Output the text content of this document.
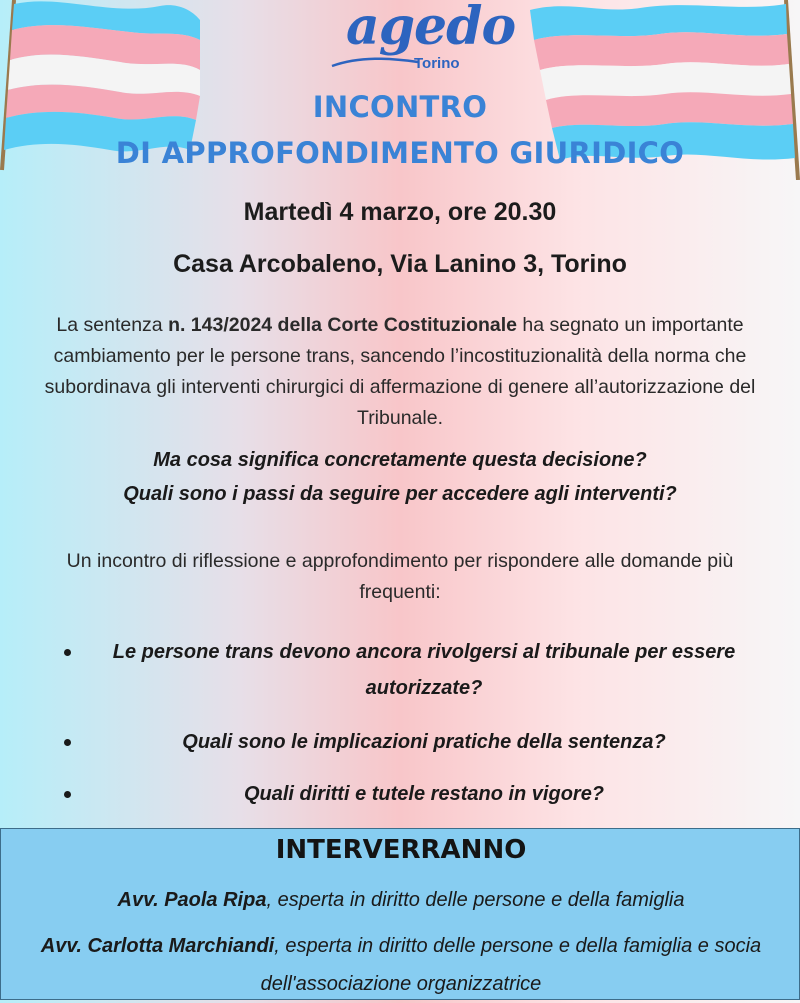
agedo
Torino
INCONTRO
DI APPROFONDIMENTO GIURIDICO
Martedì 4 marzo, ore 20.30
Casa Arcobaleno, Via Lanino 3, Torino
La sentenza n. 143/2024 della Corte Costituzionale ha segnato un importante cambiamento per le persone trans, sancendo l’incostituzionalità della norma che subordinava gli interventi chirurgici di affermazione di genere all’autorizzazione del Tribunale.
Ma cosa significa concretamente questa decisione?
Quali sono i passi da seguire per accedere agli interventi?
Un incontro di riflessione e approfondimento per rispondere alle domande più frequenti:
Le persone trans devono ancora rivolgersi al tribunale per essere autorizzate?
Quali sono le implicazioni pratiche della sentenza?
Quali diritti e tutele restano in vigore?
INTERVERRANNO
Avv. Paola Ripa, esperta in diritto delle persone e della famiglia
Avv. Carlotta Marchiandi, esperta in diritto delle persone e della famiglia e socia dell'associazione organizzatrice
